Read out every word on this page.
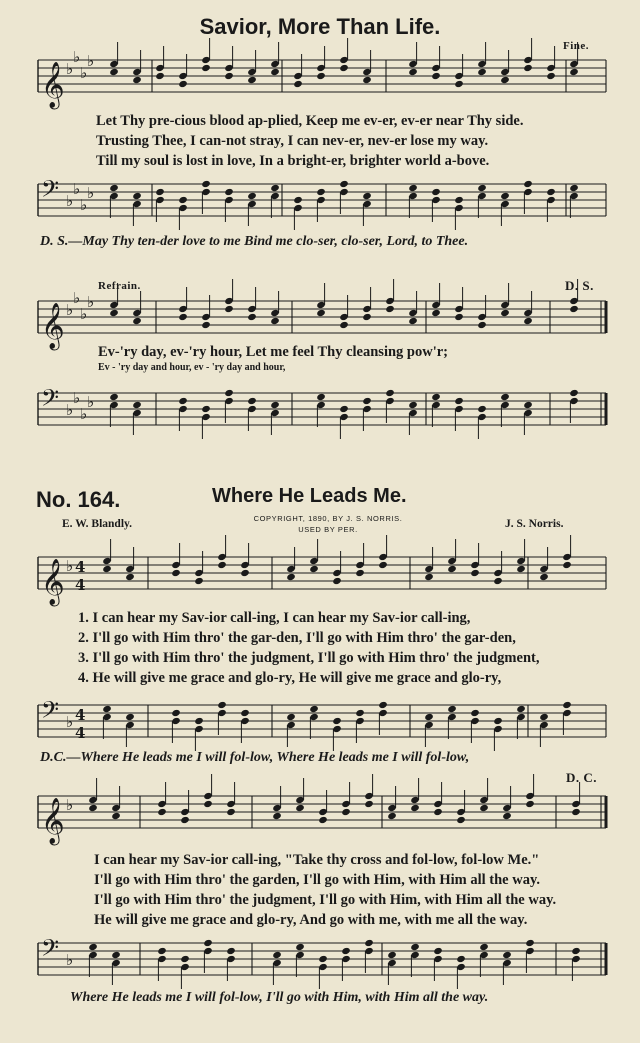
Savior, More Than Life.
Fine.
𝄞 ♭
♭
♭
♭
Let Thy pre-cious blood ap-plied, Keep me ev-er, ev-er near Thy side.
Trusting Thee, I can-not stray, I can nev-er, nev-er lose my way.
Till my soul is lost in love, In a bright-er, brighter world a-bove.
𝄢 ♭
♭
♭
♭
D. S.—May Thy ten-der love to me Bind me clo-ser, clo-ser, Lord, to Thee.
Refrain.	D. S.
𝄞 ♭
♭
♭
♭
Ev-'ry day, ev-'ry hour, Let me feel Thy cleansing pow'r;
Ev - 'ry day and hour, ev - 'ry day and hour,
𝄢 ♭
♭
♭
♭
No. 164.	Where He Leads Me.
E. W. Blandly.	COPYRIGHT, 1890, BY J. S. NORRIS.
USED BY PER.	J. S. Norris.
𝄞 ♭ 4
4
1. I can hear my Sav-ior call-ing, I can hear my Sav-ior call-ing,
2. I'll go with Him thro' the gar-den, I'll go with Him thro' the gar-den,
3. I'll go with Him thro' the judgment, I'll go with Him thro' the judgment,
4. He will give me grace and glo-ry, He will give me grace and glo-ry,
𝄢 ♭ 4
4
D.C.—Where He leads me I will fol-low, Where He leads me I will fol-low,
D. C.
𝄞 ♭
I can hear my Sav-ior call-ing, "Take thy cross and fol-low, fol-low Me."
I'll go with Him thro' the garden, I'll go with Him, with Him all the way.
I'll go with Him thro' the judgment, I'll go with Him, with Him all the way.
He will give me grace and glo-ry, And go with me, with me all the way.
𝄢 ♭
Where He leads me I will fol-low, I'll go with Him, with Him all the way.
